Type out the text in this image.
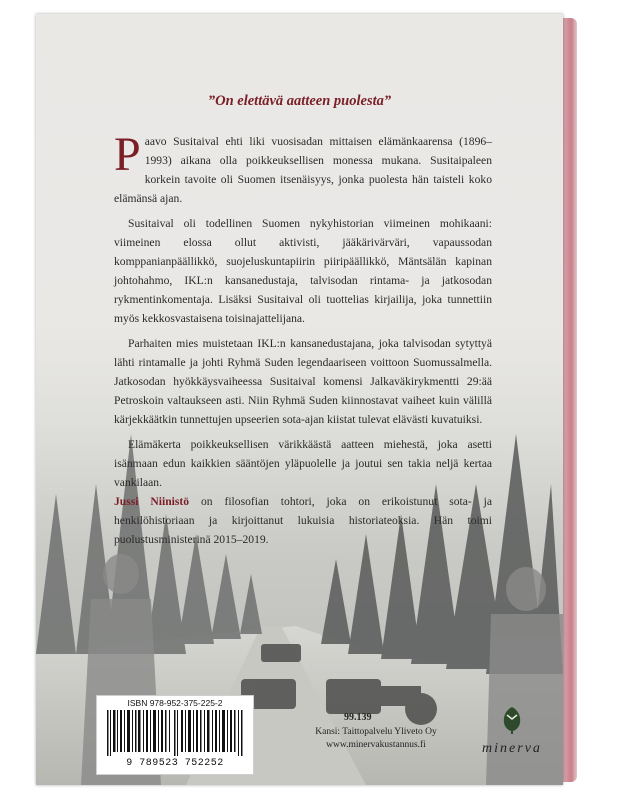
”On elettävä aatteen puolesta”

Paavo Susitaival ehti liki vuosisadan mittaisen elämänkaarensa (1896–1993) aikana olla poikkeuksellisen monessa mukana. Susitaipaleen korkein tavoite oli Suomen itsenäisyys, jonka puolesta hän taisteli koko elämänsä ajan.

Susitaival oli todellinen Suomen nykyhistorian viimeinen mohikaani: viimeinen elossa ollut aktivisti, jääkärivärväri, vapaussodan komppanianpäällikkö, suojeluskuntapiirin piiripäällikkö, Mäntsälän kapinan johtohahmo, IKL:n kansanedustaja, talvisodan rintama- ja jatkosodan rykmentinkomentaja. Lisäksi Susitaival oli tuottelias kirjailija, joka tunnettiin myös kekkosvastaisena toisinajattelijana.

Parhaiten mies muistetaan IKL:n kansanedustajana, joka talvisodan sytyttyä lähti rintamalle ja johti Ryhmä Suden legendaariseen voittoon Suomussalmella. Jatkosodan hyökkäysvaiheessa Susitaival komensi Jalkaväkirykmentti 29:ää Petroskoin valtaukseen asti. Niin Ryhmä Suden kiinnostavat vaiheet kuin välillä kärjekkäätkin tunnettujen upseerien sota-ajan kiistat tulevat elävästi kuvatuiksi.

Elämäkerta poikkeuksellisen värikkäästä aatteen miehestä, joka asetti isänmaan edun kaikkien sääntöjen yläpuolelle ja joutui sen takia neljä kertaa vankilaan.

Jussi Niinistö on filosofian tohtori, joka on erikoistunut sota- ja henkilöhistoriaan ja kirjoittanut lukuisia historiateoksia. Hän toimi puolustusministerinä 2015–2019.
ISBN 978-952-375-225-2
9 789523 752252
99.139
Kansi: Taittopalvelu Yliveto Oy
www.minervakustannus.fi	minerva
